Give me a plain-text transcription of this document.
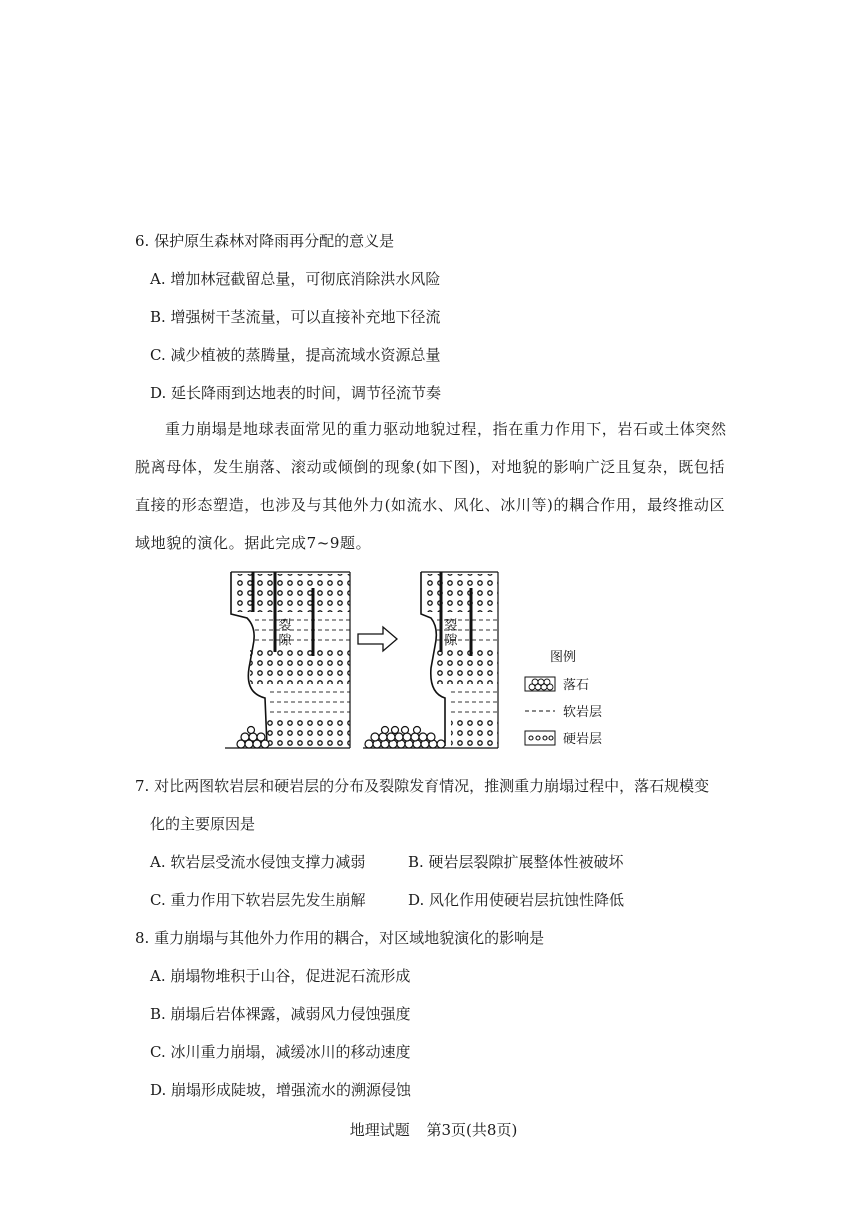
6. 保护原生森林对降雨再分配的意义是
A. 增加林冠截留总量，可彻底消除洪水风险
B. 增强树干茎流量，可以直接补充地下径流
C. 减少植被的蒸腾量，提高流域水资源总量
D. 延长降雨到达地表的时间，调节径流节奏
重力崩塌是地球表面常见的重力驱动地貌过程，指在重力作用下，岩石或土体突然脱离母体，发生崩落、滚动或倾倒的现象(如下图)，对地貌的影响广泛且复杂，既包括直接的形态塑造，也涉及与其他外力(如流水、风化、冰川等)的耦合作用，最终推动区域地貌的演化。据此完成7~9题。
裂隙	裂隙
图例
落石
软岩层
硬岩层
7. 对比两图软岩层和硬岩层的分布及裂隙发育情况，推测重力崩塌过程中，落石规模变
化的主要原因是
A. 软岩层受流水侵蚀支撑力减弱	B. 硬岩层裂隙扩展整体性被破坏
C. 重力作用下软岩层先发生崩解	D. 风化作用使硬岩层抗蚀性降低
8. 重力崩塌与其他外力作用的耦合，对区域地貌演化的影响是
A. 崩塌物堆积于山谷，促进泥石流形成
B. 崩塌后岩体裸露，减弱风力侵蚀强度
C. 冰川重力崩塌，减缓冰川的移动速度
D. 崩塌形成陡坡，增强流水的溯源侵蚀
地理试题 第3页(共8页)
